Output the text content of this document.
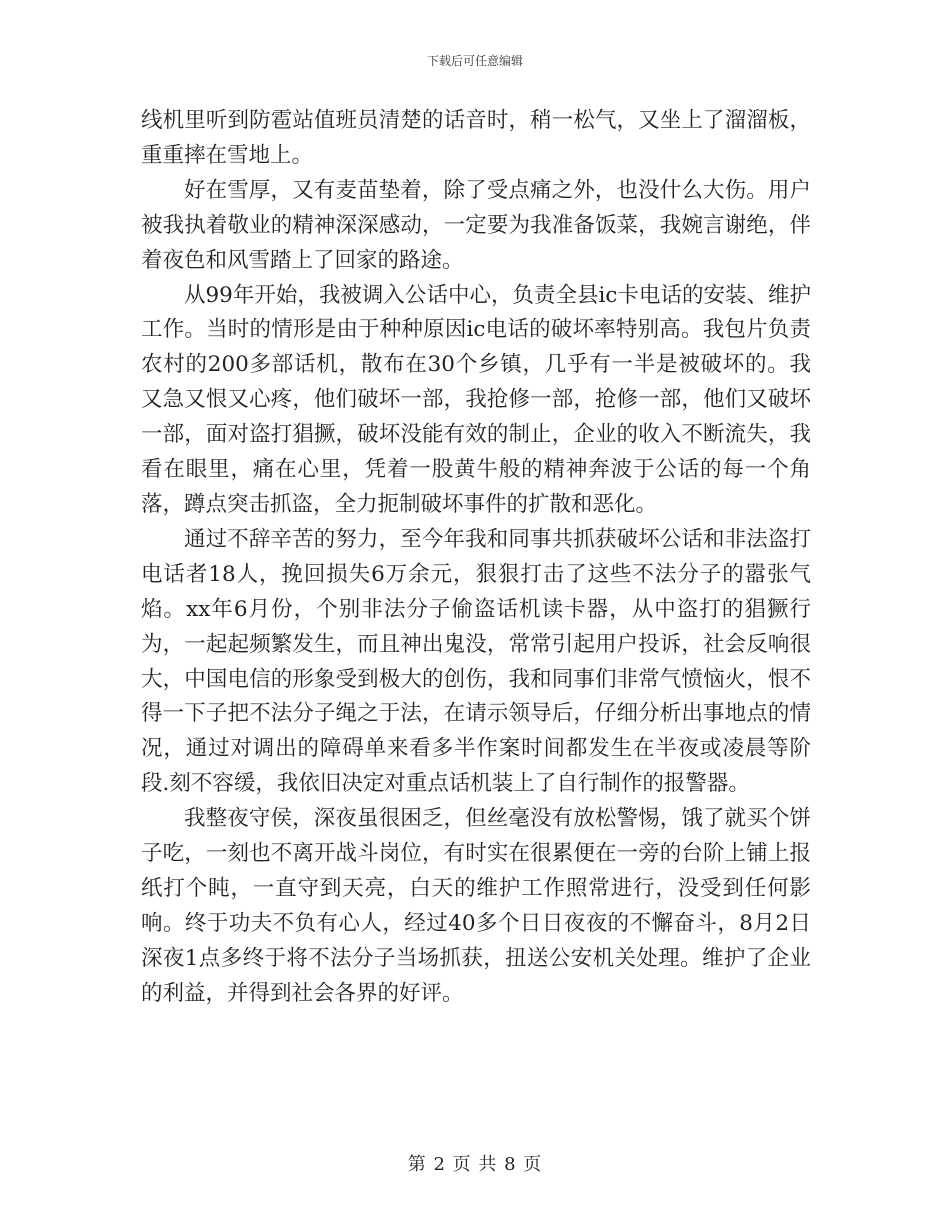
下载后可任意编辑

线机里听到防雹站值班员清楚的话音时，稍一松气，又坐上了溜溜板，重重摔在雪地上。

好在雪厚，又有麦苗垫着，除了受点痛之外，也没什么大伤。用户被我执着敬业的精神深深感动，一定要为我准备饭菜，我婉言谢绝，伴着夜色和风雪踏上了回家的路途。

从99年开始，我被调入公话中心，负责全县ic卡电话的安装、维护工作。当时的情形是由于种种原因ic电话的破坏率特别高。我包片负责农村的200多部话机，散布在30个乡镇，几乎有一半是被破坏的。我又急又恨又心疼，他们破坏一部，我抢修一部，抢修一部，他们又破坏一部，面对盗打猖撅，破坏没能有效的制止，企业的收入不断流失，我看在眼里，痛在心里，凭着一股黄牛般的精神奔波于公话的每一个角落，蹲点突击抓盗，全力扼制破坏事件的扩散和恶化。

通过不辞辛苦的努力，至今年我和同事共抓获破坏公话和非法盗打电话者18人，挽回损失6万余元，狠狠打击了这些不法分子的嚣张气焰。xx年6月份，个别非法分子偷盗话机读卡器，从中盗打的猖獗行为，一起起频繁发生，而且神出鬼没，常常引起用户投诉，社会反响很大，中国电信的形象受到极大的创伤，我和同事们非常气愤恼火，恨不得一下子把不法分子绳之于法，在请示领导后，仔细分析出事地点的情况，通过对调出的障碍单来看多半作案时间都发生在半夜或凌晨等阶段.刻不容缓，我依旧决定对重点话机装上了自行制作的报警器。

我整夜守侯，深夜虽很困乏，但丝毫没有放松警惕，饿了就买个饼子吃，一刻也不离开战斗岗位，有时实在很累便在一旁的台阶上铺上报纸打个盹，一直守到天亮，白天的维护工作照常进行，没受到任何影响。终于功夫不负有心人，经过40多个日日夜夜的不懈奋斗，8月2日深夜1点多终于将不法分子当场抓获，扭送公安机关处理。维护了企业的利益，并得到社会各界的好评。

第 2 页 共 8 页
